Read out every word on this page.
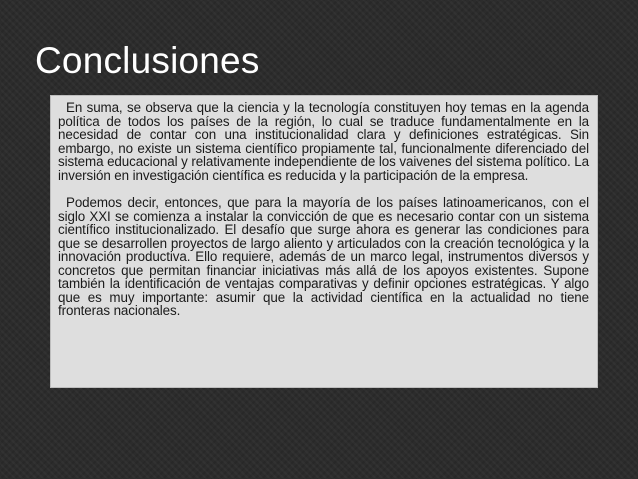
Conclusiones

En suma, se observa que la ciencia y la tecnología constituyen hoy temas en la agenda política de todos los países de la región, lo cual se traduce fundamentalmente en la necesidad de contar con una institucionalidad clara y definiciones estratégicas. Sin embargo, no existe un sistema científico propiamente tal, funcionalmente diferenciado del sistema educacional y relativamente independiente de los vaivenes del sistema político. La inversión en investigación científica es reducida y la participación de la empresa.

Podemos decir, entonces, que para la mayoría de los países latinoamericanos, con el siglo XXI se comienza a instalar la convicción de que es necesario contar con un sistema científico institucionalizado. El desafío que surge ahora es generar las condiciones para que se desarrollen proyectos de largo aliento y articulados con la creación tecnológica y la innovación productiva. Ello requiere, además de un marco legal, instrumentos diversos y concretos que permitan financiar iniciativas más allá de los apoyos existentes. Supone también la identificación de ventajas comparativas y definir opciones estratégicas. Y algo que es muy importante: asumir que la actividad científica en la actualidad no tiene fronteras nacionales.
